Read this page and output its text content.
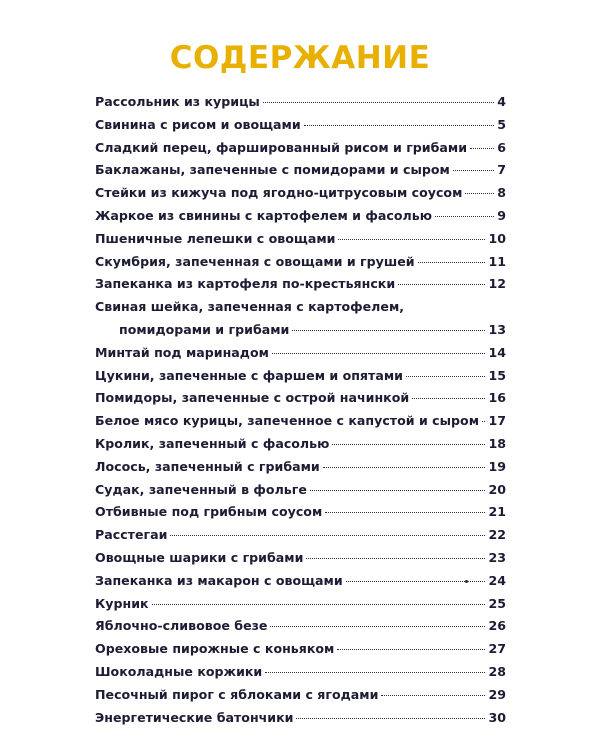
СОДЕРЖАНИЕ
Рассольник из курицы	4
Свинина с рисом и овощами	5
Сладкий перец, фаршированный рисом и грибами 6
Баклажаны, запеченные с помидорами и сыром	7
Стейки из кижуча под ягодно-цитрусовым соусом	8
Жаркое из свинины с картофелем и фасолью	9
Пшеничные лепешки с овощами	10
Скумбрия, запеченная с овощами и грушей	11
Запеканка из картофеля по-крестьянски	12
Свиная шейка, запеченная с картофелем,
помидорами и грибами	13
Минтай под маринадом	14
Цукини, запеченные с фаршем и опятами	15
Помидоры, запеченные с острой начинкой	16
Белое мясо курицы, запеченное с капустой и сыром 17
Кролик, запеченный с фасолью	18
Лосось, запеченный с грибами	19
Судак, запеченный в фольге	20
Отбивные под грибным соусом	21
Расстегаи	22
Овощные шарики с грибами	23
Запеканка из макарон с овощами	24
Курник	25
Яблочно-сливовое безе	26
Ореховые пирожные с коньяком	27
Шоколадные коржики	28
Песочный пирог с яблоками с ягодами	29
Энергетические батончики	30
